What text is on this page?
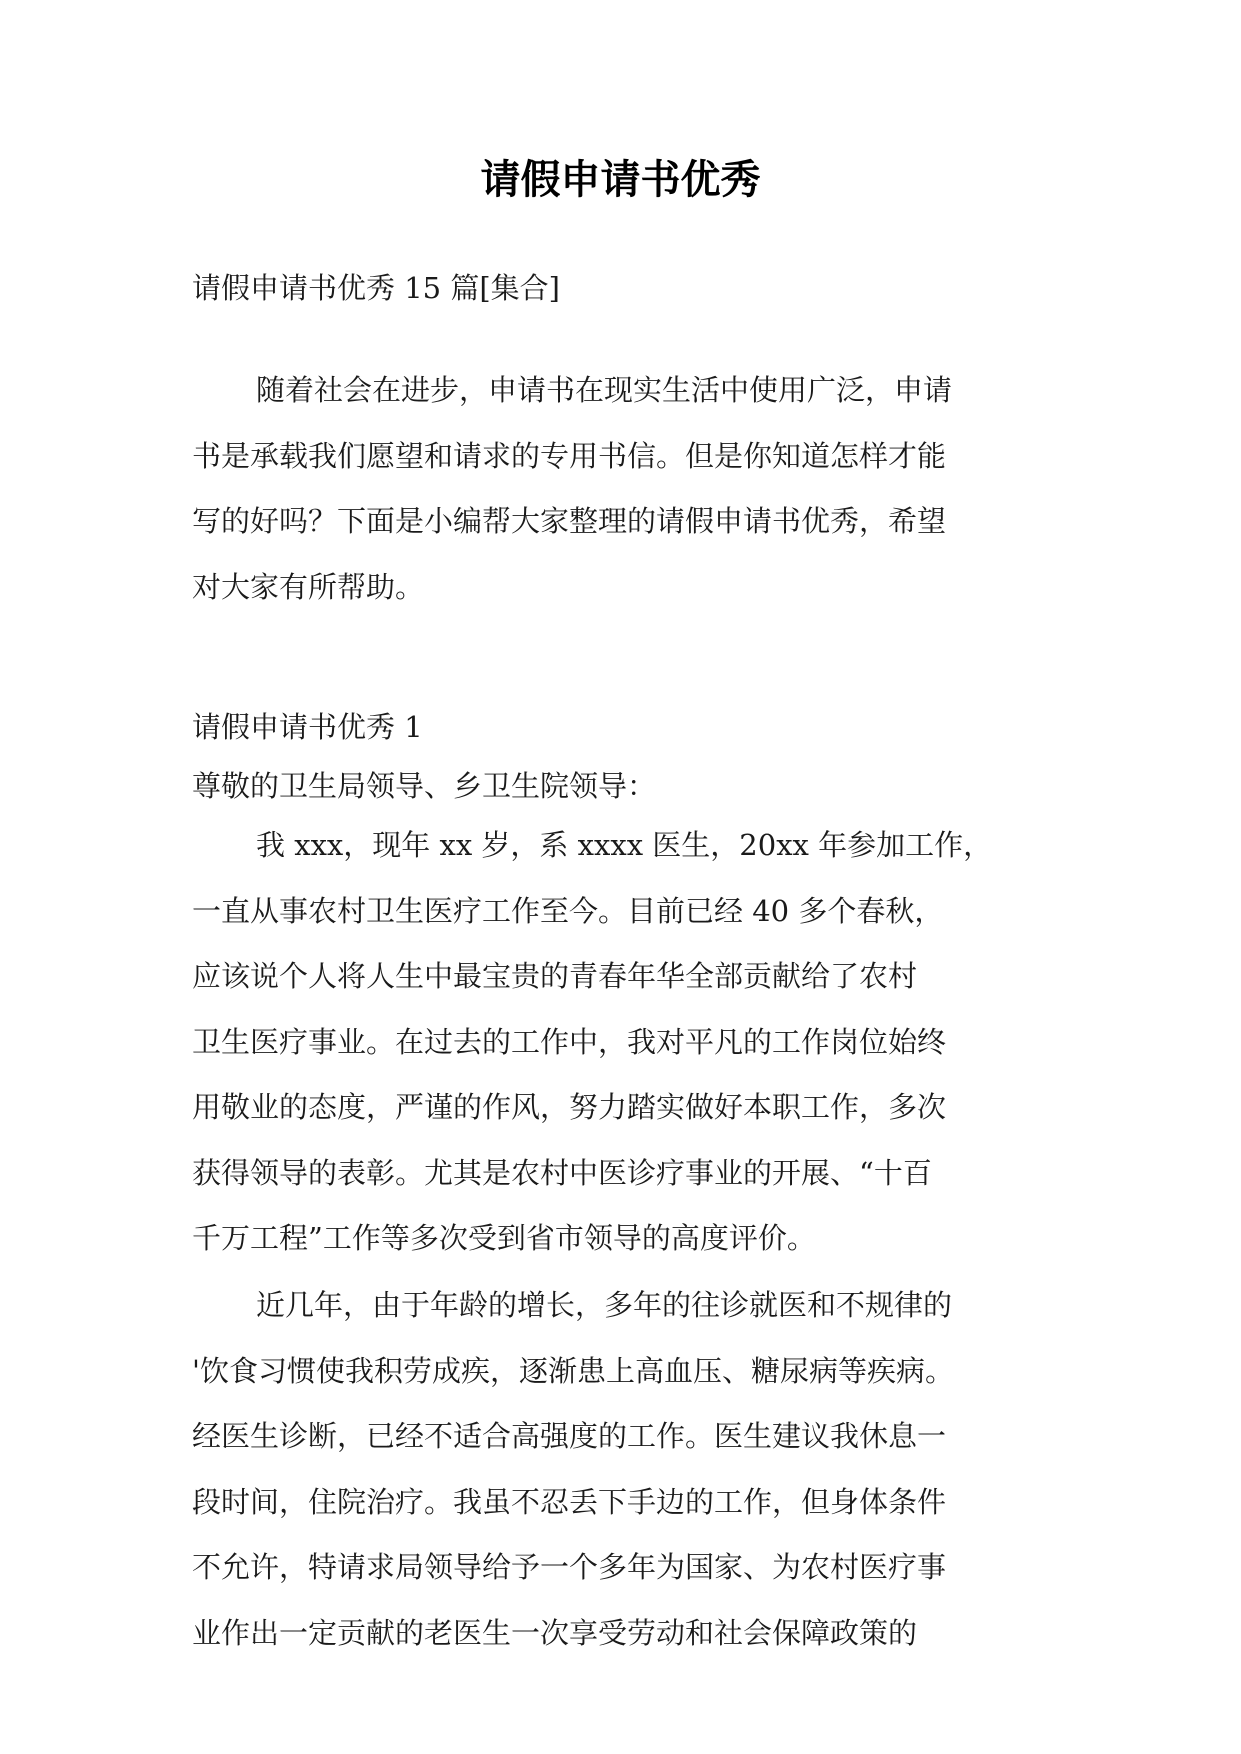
请假申请书优秀
请假申请书优秀 15 篇[集合]
随着社会在进步，申请书在现实生活中使用广泛，申请
书是承载我们愿望和请求的专用书信。但是你知道怎样才能
写的好吗？下面是小编帮大家整理的请假申请书优秀，希望
对大家有所帮助。
请假申请书优秀 1
尊敬的卫生局领导、乡卫生院领导：
我 xxx，现年 xx 岁，系 xxxx 医生，20xx 年参加工作，
一直从事农村卫生医疗工作至今。目前已经 40 多个春秋，
应该说个人将人生中最宝贵的青春年华全部贡献给了农村
卫生医疗事业。在过去的工作中，我对平凡的工作岗位始终
用敬业的态度，严谨的作风，努力踏实做好本职工作，多次
获得领导的表彰。尤其是农村中医诊疗事业的开展、“十百
千万工程”工作等多次受到省市领导的高度评价。
近几年，由于年龄的增长，多年的往诊就医和不规律的
'饮食习惯使我积劳成疾，逐渐患上高血压、糖尿病等疾病。
经医生诊断，已经不适合高强度的工作。医生建议我休息一
段时间，住院治疗。我虽不忍丢下手边的工作，但身体条件
不允许，特请求局领导给予一个多年为国家、为农村医疗事
业作出一定贡献的老医生一次享受劳动和社会保障政策的
